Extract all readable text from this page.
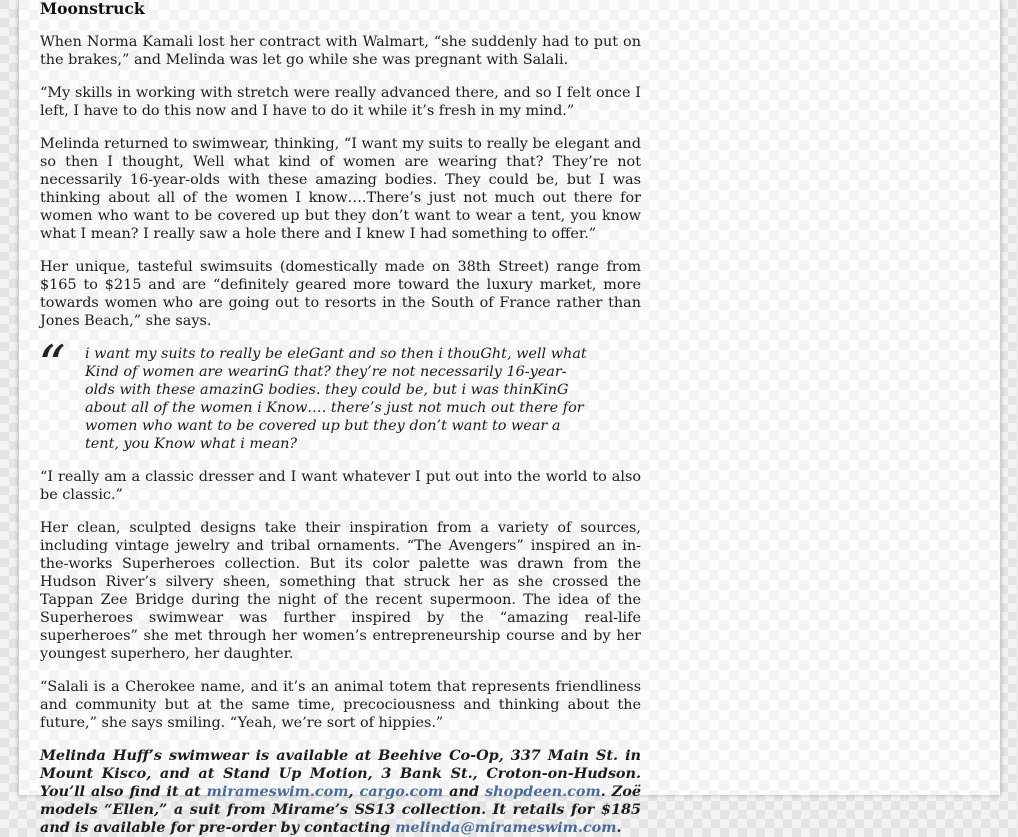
Moonstruck

When Norma Kamali lost her contract with Walmart, “she suddenly had to put on the brakes,” and Melinda was let go while she was pregnant with Salali.

“My skills in working with stretch were really advanced there, and so I felt once I left, I have to do this now and I have to do it while it’s fresh in my mind.”

Melinda returned to swimwear, thinking, “I want my suits to really be elegant and so then I thought, Well what kind of women are wearing that? They’re not necessarily 16-year-olds with these amazing bodies. They could be, but I was thinking about all of the women I know….There’s just not much out there for women who want to be covered up but they don’t want to wear a tent, you know what I mean? I really saw a hole there and I knew I had something to offer.”

Her unique, tasteful swimsuits (domestically made on 38th Street) range from $165 to $215 and are “definitely geared more toward the luxury market, more towards women who are going out to resorts in the South of France rather than Jones Beach,” she says.

“ i want my suits to really be eleGant and so then i thouGht, well what Kind of women are wearinG that? they’re not necessarily 16-year- olds with these amazinG bodies. they could be, but i was thinKinG about all of the women i Know…. there’s just not much out there for women who want to be covered up but they don’t want to wear a tent, you Know what i mean?

“I really am a classic dresser and I want whatever I put out into the world to also be classic.”

Her clean, sculpted designs take their inspiration from a variety of sources, including vintage jewelry and tribal ornaments. “The Avengers” inspired an in-the-works Superheroes collection. But its color palette was drawn from the Hudson River’s silvery sheen, something that struck her as she crossed the Tappan Zee Bridge during the night of the recent supermoon. The idea of the Superheroes swimwear was further inspired by the “amazing real-life superheroes” she met through her women’s entrepreneurship course and by her youngest superhero, her daughter.

“Salali is a Cherokee name, and it’s an animal totem that represents friendliness and community but at the same time, precociousness and thinking about the future,” she says smiling. “Yeah, we’re sort of hippies.”

Melinda Huff’s swimwear is available at Beehive Co-Op, 337 Main St. in Mount Kisco, and at Stand Up Motion, 3 Bank St., Croton-on-Hudson. You’ll also find it at mirameswim.com, cargo.com and shopdeen.com. Zoë models “Ellen,” a suit from Mirame’s SS13 collection. It retails for $185 and is available for pre-order by contacting melinda@mirameswim.com.
